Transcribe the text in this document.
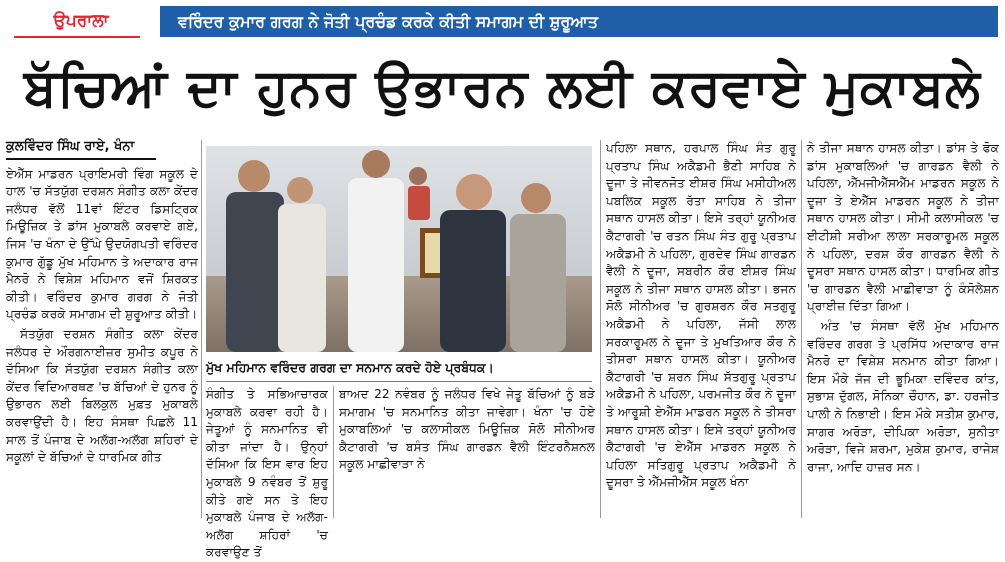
ਉਪਰਾਲਾ	ਵਰਿੰਦਰ ਕੁਮਾਰ ਗਰਗ ਨੇ ਜੋਤੀ ਪ੍ਰਚੰਡ ਕਰਕੇ ਕੀਤੀ ਸਮਾਗਮ ਦੀ ਸ਼ੁਰੂਆਤ
ਬੱਚਿਆਂ ਦਾ ਹੁਨਰ ਉਭਾਰਨ ਲਈ ਕਰਵਾਏ ਮੁਕਾਬਲੇ

ਕੁਲਵਿੰਦਰ ਸਿੰਘ ਰਾਏ, ਖੰਨਾ

ਏਐੱਸ ਮਾਡਰਨ ਪ੍ਰਾਇਮਰੀ ਵਿੰਗ ਸਕੂਲ ਦੇ ਹਾਲ 'ਚ ਸੱਤਯੁੱਗ ਦਰਸ਼ਨ ਸੰਗੀਤ ਕਲਾ ਕੇਂਦਰ ਜਲੰਧਰ ਵੱਲੋਂ 11ਵਾਂ ਇੰਟਰ ਡਿਸਟ੍ਰਿਕ ਮਿਊਜ਼ਿਕ ਤੇ ਡਾਂਸ ਮੁਕਾਬਲੇ ਕਰਵਾਏ ਗਏ, ਜਿਸ 'ਚ ਖੰਨਾ ਦੇ ਉੱਘੇ ਉਦਯੋਗਪਤੀ ਵਰਿੰਦਰ ਕੁਮਾਰ ਗੁੱਡੂ ਮੁੱਖ ਮਹਿਮਾਨ ਤੇ ਅਦਾਕਾਰ ਰਾਜ ਮੈਨਰੋ ਨੇ ਵਿਸ਼ੇਸ਼ ਮਹਿਮਾਨ ਵਜੋਂ ਸ਼ਿਰਕਤ ਕੀਤੀ। ਵਰਿੰਦਰ ਕੁਮਾਰ ਗਰਗ ਨੇ ਜੋਤੀ ਪ੍ਰਚੰਡ ਕਰਕੇ ਸਮਾਗਮ ਦੀ ਸ਼ੁਰੂਆਤ ਕੀਤੀ।

ਸੱਤਯੁੱਗ ਦਰਸ਼ਨ ਸੰਗੀਤ ਕਲਾ ਕੇਂਦਰ ਜਲੰਧਰ ਦੇ ਔਰਗਨਾਈਜ਼ਰ ਸੁਮੀਤ ਕਪੂਰ ਨੇ ਦੱਸਿਆ ਕਿ ਸੱਤਯੁੱਗ ਦਰਸ਼ਨ ਸੰਗੀਤ ਕਲਾ ਕੇਂਦਰ ਵਿਦਿਆਰਥਣ 'ਚ ਬੱਚਿਆਂ ਦੇ ਹੁਨਰ ਨੂੰ ਉਭਾਰਨ ਲਈ ਬਿਲਕੁਲ ਮੁਫ਼ਤ ਮੁਕਾਬਲੇ ਕਰਵਾਉਂਦੀ ਹੈ। ਇਹ ਸੰਸਥਾ ਪਿਛਲੇ 11 ਸਾਲ ਤੋਂ ਪੰਜਾਬ ਦੇ ਅਲੱਗ-ਅਲੱਗ ਸ਼ਹਿਰਾਂ ਦੇ ਸਕੂਲਾਂ ਦੇ ਬੱਚਿਆਂ ਦੇ ਧਾਰਮਿਕ ਗੀਤ

ਮੁੱਖ ਮਹਿਮਾਨ ਵਰਿੰਦਰ ਗਰਗ ਦਾ ਸਨਮਾਨ ਕਰਦੇ ਹੋਏ ਪ੍ਰਬੰਧਕ।

ਸੰਗੀਤ ਤੇ ਸਭਿਆਚਾਰਕ ਮੁਕਾਬਲੇ ਕਰਵਾ ਰਹੀ ਹੈ। ਜੇਤੂਆਂ ਨੂੰ ਸਨਮਾਨਿਤ ਵੀ ਕੀਤਾ ਜਾਂਦਾ ਹੈ। ਉਨ੍ਹਾਂ ਦੱਸਿਆ ਕਿ ਇਸ ਵਾਰ ਇਹ ਮੁਕਾਬਲੇ 9 ਨਵੰਬਰ ਤੋਂ ਸ਼ੁਰੂ ਕੀਤੇ ਗਏ ਸਨ ਤੇ ਇਹ ਮੁਕਾਬਲੇ ਪੰਜਾਬ ਦੇ ਅਲੱਗ-ਅਲੱਗ ਸ਼ਹਿਰਾਂ 'ਚ ਕਰਵਾਉਣ ਤੋਂ

ਬਾਅਦ 22 ਨਵੰਬਰ ਨੂੰ ਜਲੰਧਰ ਵਿਖੇ ਜੇਤੂ ਬੱਚਿਆਂ ਨੂੰ ਬੜੇ ਸਮਾਗਮ 'ਚ ਸਨਮਾਨਿਤ ਕੀਤਾ ਜਾਵੇਗਾ। ਖੰਨਾ 'ਚ ਹੋਏ ਮੁਕਾਬਲਿਆਂ 'ਚ ਕਲਾਸੀਕਲ ਮਿਊਜ਼ਿਕ ਸੋਲੋ ਸੀਨੀਅਰ ਕੈਟਾਗਰੀ 'ਚ ਬਸੰਤ ਸਿੰਘ ਗਾਰਡਨ ਵੈਲੀ ਇੰਟਰਨੈਸ਼ਨਲ ਸਕੂਲ ਮਾਛੀਵਾੜਾ ਨੇ

ਪਹਿਲਾ ਸਥਾਨ, ਹਰਪਾਲ ਸਿੰਘ ਸੰਤ ਗੁਰੂ ਪ੍ਰਤਾਪ ਸਿੰਘ ਅਕੈਡਮੀ ਭੈਣੀ ਸਾਹਿਬ ਨੇ ਦੂਜਾ ਤੇ ਜੀਵਨਜੋਤ ਈਸ਼ਰ ਸਿੰਘ ਮਸੀਹੀਅਲ ਪਬਲਿਕ ਸਕੂਲ ਰੱਤਾ ਸਾਹਿਬ ਨੇ ਤੀਜਾ ਸਥਾਨ ਹਾਸਲ ਕੀਤਾ। ਇਸੇ ਤਰ੍ਹਾਂ ਯੂਨੀਅਰ ਕੈਟਾਗਰੀ 'ਚ ਰਤਨ ਸਿੰਘ ਸੰਤ ਗੁਰੂ ਪ੍ਰਤਾਪ ਅਕੈਡਮੀ ਨੇ ਪਹਿਲਾ, ਗੁਰਦੇਵ ਸਿੰਘ ਗਾਰਡਨ ਵੈਲੀ ਨੇ ਦੂਜਾ, ਸਬਰੀਨ ਕੌਰ ਈਸ਼ਰ ਸਿੰਘ ਸਕੂਲ ਨੇ ਤੀਜਾ ਸਥਾਨ ਹਾਸਲ ਕੀਤਾ। ਭਜਨ ਸੋਲੋ ਸੀਨੀਅਰ 'ਚ ਗੁਰਸ਼ਰਨ ਕੌਰ ਸਤਗੁਰੂ ਅਕੈਡਮੀ ਨੇ ਪਹਿਲਾ, ਜੱਸੀ ਲਾਲ ਸਰਕਾਰੂਮਲ ਨੇ ਦੂਜਾ ਤੇ ਮੁਖਤਿਆਰ ਕੌਰ ਨੇ ਤੀਸਰਾ ਸਥਾਨ ਹਾਸਲ ਕੀਤਾ। ਯੂਨੀਅਰ ਕੈਟਾਗਰੀ 'ਚ ਸ਼ਰਨ ਸਿੰਘ ਸੱਤਗੁਰੂ ਪ੍ਰਤਾਪ ਅਕੈਡਮੀ ਨੇ ਪਹਿਲਾ, ਪਰਮਜੀਤ ਕੌਰ ਨੇ ਦੂਜਾ ਤੇ ਆਰੂਸ਼ੀ ਏਐੱਸ ਮਾਡਰਨ ਸਕੂਲ ਨੇ ਤੀਸਰਾ ਸਥਾਨ ਹਾਸਲ ਕੀਤਾ। ਇਸੇ ਤਰ੍ਹਾਂ ਯੂਨੀਅਰ ਕੈਟਾਗਰੀ 'ਚ ਏਐੱਸ ਮਾਡਰਨ ਸਕੂਲ ਨੇ ਪਹਿਲਾ ਸਤਿਗੁਰੂ ਪ੍ਰਤਾਪ ਅਕੈਡਮੀ ਨੇ ਦੂਸਰਾ ਤੇ ਐੱਮਜੀਐੱਸ ਸਕੂਲ ਖੰਨਾ

ਨੇ ਤੀਜਾ ਸਥਾਨ ਹਾਸਲ ਕੀਤਾ। ਡਾਂਸ ਤੇ ਫੋਕ ਡਾਂਸ ਮੁਕਾਬਲਿਆਂ 'ਚ ਗਾਰਡਨ ਵੈਲੀ ਨੇ ਪਹਿਲਾ, ਐੱਮਜੀਐੱਸਐੱਮ ਮਾਡਰਨ ਸਕੂਲ ਨੇ ਦੂਜਾ ਤੇ ਏਐੱਸ ਮਾਡਰਨ ਸਕੂਲ ਨੇ ਤੀਜਾ ਸਥਾਨ ਹਾਸਲ ਕੀਤਾ। ਸੀਮੀ ਕਲਾਸੀਕਲ 'ਚ ਈਟੀਸ਼ੀ ਸਰੀਆ ਲਾਲਾ ਸਰਕਾਰੂਮਲ ਸਕੂਲ ਨੇ ਪਹਿਲਾ, ਦਰਸ਼ ਕੌਰ ਗਾਰਡਨ ਵੈਲੀ ਨੇ ਦੂਸਰਾ ਸਥਾਨ ਹਾਸਲ ਕੀਤਾ। ਧਾਰਮਿਕ ਗੀਤ 'ਚ ਗਾਰਡਨ ਵੈਲੀ ਮਾਛੀਵਾੜਾ ਨੂੰ ਕੰਸੋਲੇਸ਼ਨ ਪ੍ਰਾਈਜ਼ ਦਿੱਤਾ ਗਿਆ।

ਅੰਤ 'ਚ ਸੰਸਥਾ ਵੱਲੋਂ ਮੁੱਖ ਮਹਿਮਾਨ ਵਰਿੰਦਰ ਗਰਗ ਤੇ ਪ੍ਰਸਿੱਧ ਅਦਾਕਾਰ ਰਾਜ ਮੈਨਰੋ ਦਾ ਵਿਸ਼ੇਸ਼ ਸਨਮਾਨ ਕੀਤਾ ਗਿਆ। ਇਸ ਮੌਕੇ ਜੱਜ ਦੀ ਭੂਮਿਕਾ ਦਵਿੰਦਰ ਕਾਂਤ, ਸੁਭਾਸ਼ ਦੁੱਗਲ, ਸੋਨਿਕਾ ਚੌਹਾਨ, ਡਾ. ਹਰਜੀਤ ਪਾਲੀ ਨੇ ਨਿਭਾਈ। ਇਸ ਮੌਕੇ ਸਤੀਸ਼ ਕੁਮਾਰ, ਸਾਗਰ ਅਰੋੜਾ, ਦੀਪਿਕਾ ਅਰੋੜਾ, ਸੁਨੀਤਾ ਅਰੋੜਾ, ਵਿਜੇ ਸ਼ਰਮਾ, ਮੁਕੇਸ਼ ਕੁਮਾਰ, ਰਾਜੇਸ਼ ਰਾਜਾ, ਆਦਿ ਹਾਜ਼ਰ ਸਨ।
